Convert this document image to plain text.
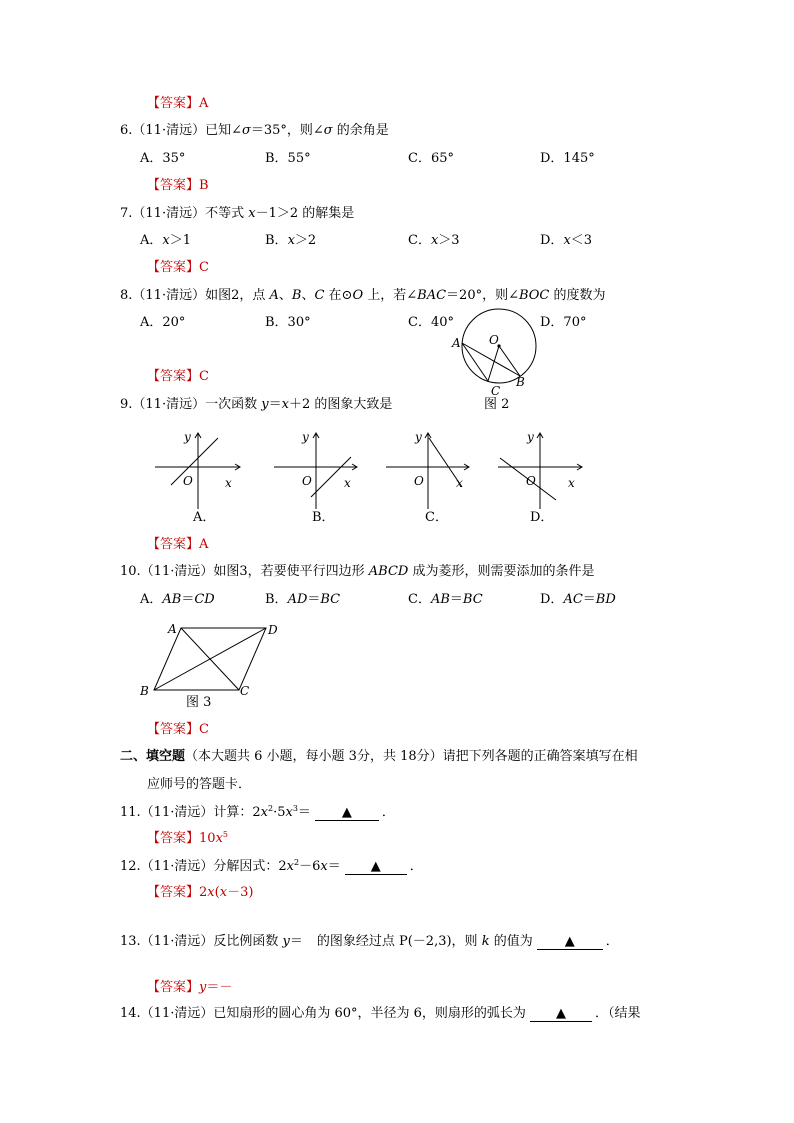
【答案】A
6.（11·清远）已知∠σ＝35°，则∠σ 的余角是
A．35°	B．55°	C．65°	D．145°
【答案】B
7.（11·清远）不等式 x－1＞2 的解集是
A．x＞1	B．x＞2	C．x＞3	D．x＜3
【答案】C
8.（11·清远）如图2，点 A、B、C 在⊙O 上，若∠BAC＝20°，则∠BOC 的度数为
A．20°	B．30°	C．40°	D．70°
A O
C
B
【答案】C
9.（11·清远）一次函数 y＝x＋2 的图象大致是	图 2
y
O	x
A．
y
O	x
B．
y
O	x
C．
y
O	x
D．
【答案】A
10.（11·清远）如图3，若要使平行四边形 ABCD 成为菱形，则需要添加的条件是
A．AB＝CD	B．AD＝BC	C．AB＝BC	D．AC＝BD
A	D
B	C
图 3
【答案】C
二、填空题（本大题共 6 小题，每小题 3分，共 18分）请把下列各题的正确答案填写在相
应师号的答题卡．
11.（11·清远）计算：$2x^2\cdot 5x^3=$ ▲ ．
【答案】$10x^5$
12.（11·清远）分解因式：$2x^2-6x=$ ▲ ．
【答案】2x(x－3)
13.（11·清远）反比例函数 y＝ 的图象经过点 P(－2,3)，则 k 的值为 ▲ ．
【答案】y＝－
14.（11·清远）已知扇形的圆心角为 60°，半径为 6，则扇形的弧长为 ▲ ．（结果
